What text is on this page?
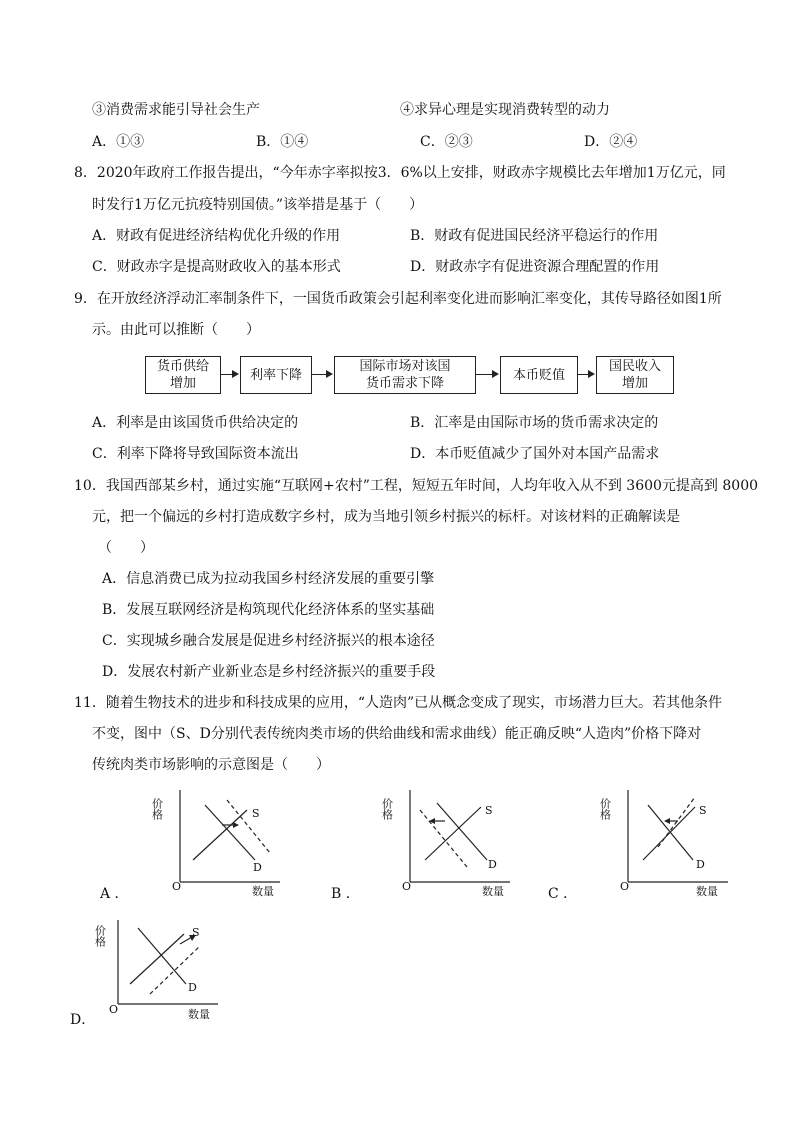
③消费需求能引导社会生产	④求异心理是实现消费转型的动力
A．①③	B．①④	C．②③	D．②④
8．2020年政府工作报告提出，“今年赤字率拟按3．6%以上安排，财政赤字规模比去年增加1万亿元，同
时发行1万亿元抗疫特别国债。”该举措是基于（　　）
A．财政有促进经济结构优化升级的作用	B．财政有促进国民经济平稳运行的作用
C．财政赤字是提高财政收入的基本形式	D．财政赤字有促进资源合理配置的作用
9．在开放经济浮动汇率制条件下，一国货币政策会引起利率变化进而影响汇率变化，其传导路径如图1所
示。由此可以推断（　　）
货币供给
增加
利率下降
国际市场对该国
货币需求下降
本币贬值
国民收入
增加
A．利率是由该国货币供给决定的	B．汇率是由国际市场的货币需求决定的
C．利率下降将导致国际资本流出	D．本币贬值减少了国外对本国产品需求
10．我国西部某乡村，通过实施“互联网+农村”工程，短短五年时间，人均年收入从不到 3600元提高到 8000
元，把一个偏远的乡村打造成数字乡村，成为当地引领乡村振兴的标杆。对该材料的正确解读是
（　　）
A．信息消费已成为拉动我国乡村经济发展的重要引擎
B．发展互联网经济是构筑现代化经济体系的坚实基础
C．实现城乡融合发展是促进乡村经济振兴的根本途径
D．发展农村新产业新业态是乡村经济振兴的重要手段
11．随着生物技术的进步和科技成果的应用，“人造肉”已从概念变成了现实，市场潜力巨大。若其他条件
不变，图中（S、D分别代表传统肉类市场的供给曲线和需求曲线）能正确反映“人造肉”价格下降对
传统肉类市场影响的示意图是（　　）
价格	S
D
O	数量
A ．
价格	S
D
O	数量
B ．
价格	S
D
O	数量
C ．
价格	S
D
O	数量
D．
